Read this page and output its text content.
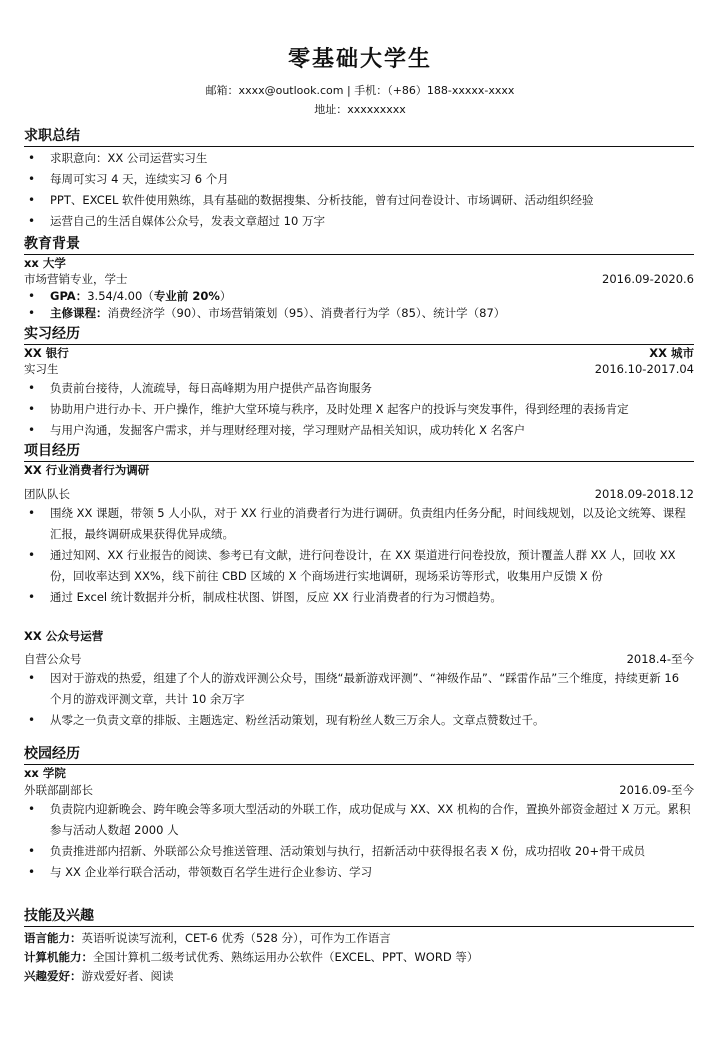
零基础大学生
邮箱：xxxx@outlook.com | 手机：（+86）188-xxxxx-xxxx
地址：xxxxxxxxx
求职总结
• 求职意向：XX 公司运营实习生
• 每周可实习 4 天，连续实习 6 个月
• PPT、EXCEL 软件使用熟练，具有基础的数据搜集、分析技能，曾有过问卷设计、市场调研、活动组织经验
• 运营自己的生活自媒体公众号，发表文章超过 10 万字
教育背景
xx 大学
市场营销专业，学士	2016.09-2020.6
• GPA：3.54/4.00（专业前 20%）
• 主修课程：消费经济学（90）、市场营销策划（95）、消费者行为学（85）、统计学（87）
实习经历
XX 银行	XX 城市
实习生	2016.10-2017.04
• 负责前台接待，人流疏导，每日高峰期为用户提供产品咨询服务
• 协助用户进行办卡、开户操作，维护大堂环境与秩序，及时处理 X 起客户的投诉与突发事件，得到经理的表扬肯定
• 与用户沟通，发掘客户需求，并与理财经理对接，学习理财产品相关知识，成功转化 X 名客户
项目经历
XX 行业消费者行为调研
团队队长	2018.09-2018.12
• 围绕 XX 课题，带领 5 人小队，对于 XX 行业的消费者行为进行调研。负责组内任务分配，时间线规划，以及论文统筹、课程汇报，最终调研成果获得优异成绩。
• 通过知网、XX 行业报告的阅读、参考已有文献，进行问卷设计，在 XX 渠道进行问卷投放，预计覆盖人群 XX 人，回收 XX 份，回收率达到 XX%，线下前往 CBD 区域的 X 个商场进行实地调研，现场采访等形式，收集用户反馈 X 份
• 通过 Excel 统计数据并分析，制成柱状图、饼图，反应 XX 行业消费者的行为习惯趋势。
XX 公众号运营
自营公众号	2018.4-至今
• 因对于游戏的热爱，组建了个人的游戏评测公众号，围绕“最新游戏评测”、“神级作品”、“踩雷作品”三个维度，持续更新 16 个月的游戏评测文章，共计 10 余万字
• 从零之一负责文章的排版、主题选定、粉丝活动策划，现有粉丝人数三万余人。文章点赞数过千。
校园经历
xx 学院
外联部副部长	2016.09-至今
• 负责院内迎新晚会、跨年晚会等多项大型活动的外联工作，成功促成与 XX、XX 机构的合作，置换外部资金超过 X 万元。累积参与活动人数超 2000 人
• 负责推进部内招新、外联部公众号推送管理、活动策划与执行，招新活动中获得报名表 X 份，成功招收 20+骨干成员
• 与 XX 企业举行联合活动，带领数百名学生进行企业参访、学习
技能及兴趣
语言能力：英语听说读写流利，CET-6 优秀（528 分），可作为工作语言
计算机能力：全国计算机二级考试优秀、熟练运用办公软件（EXCEL、PPT、WORD 等）
兴趣爱好：游戏爱好者、阅读
